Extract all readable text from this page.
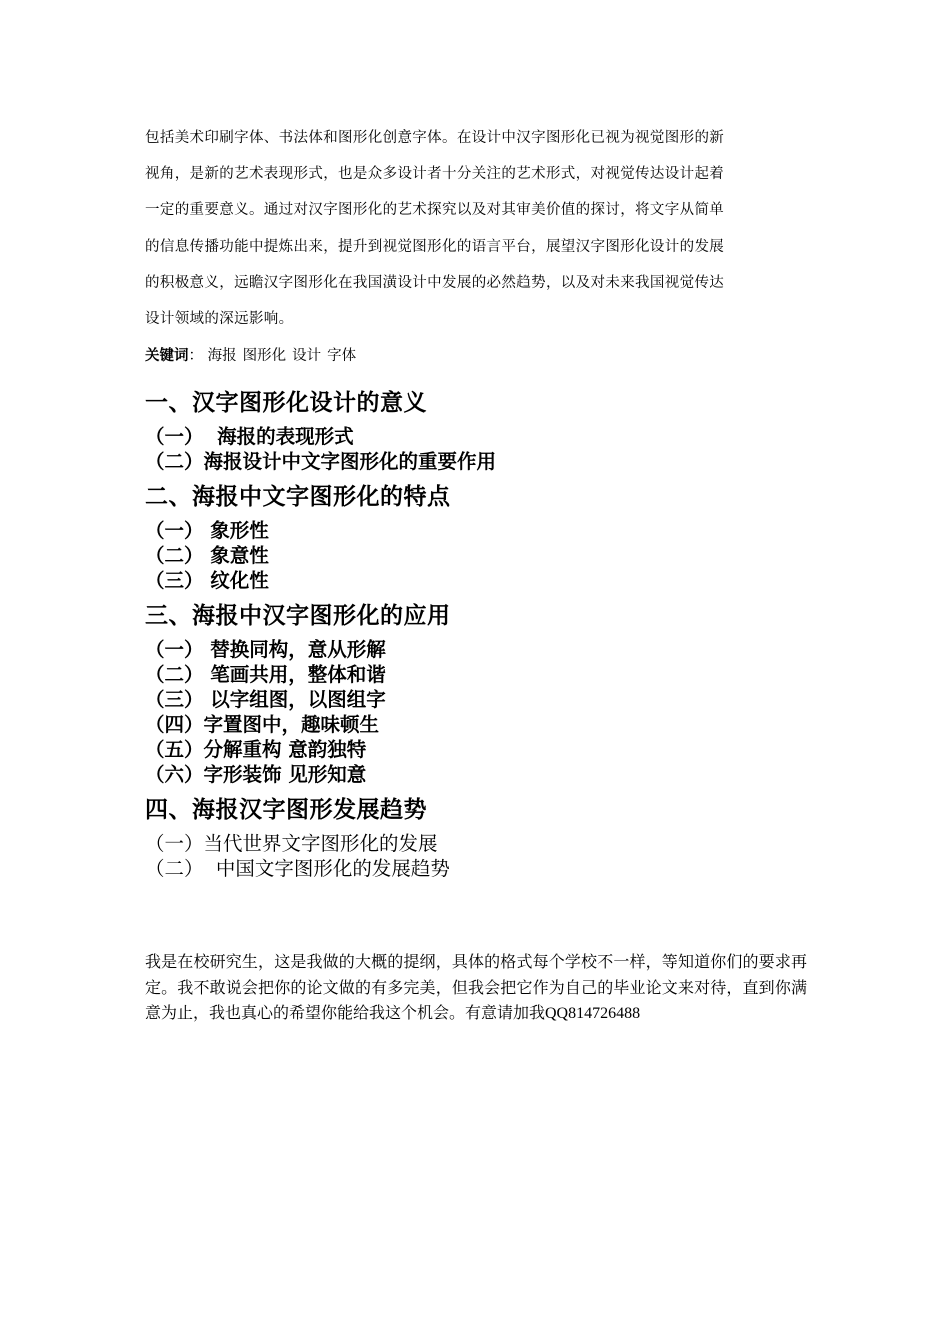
包括美术印刷字体、书法体和图形化创意字体。在设计中汉字图形化已视为视觉图形的新
视角，是新的艺术表现形式，也是众多设计者十分关注的艺术形式，对视觉传达设计起着
一定的重要意义。通过对汉字图形化的艺术探究以及对其审美价值的探讨，将文字从简单
的信息传播功能中提炼出来，提升到视觉图形化的语言平台，展望汉字图形化设计的发展
的积极意义，远瞻汉字图形化在我国潢设计中发展的必然趋势，以及对未来我国视觉传达
设计领域的深远影响。

关键词： 海报 图形化 设计 字体
一、汉字图形化设计的意义
（一）  海报的表现形式
（二）海报设计中文字图形化的重要作用
二、海报中文字图形化的特点
（一） 象形性
（二） 象意性
（三） 纹化性
三、海报中汉字图形化的应用
（一） 替换同构，意从形解
（二） 笔画共用，整体和谐
（三） 以字组图，以图组字
（四）字置图中，趣味顿生
（五）分解重构 意韵独特
（六）字形装饰 见形知意
四、海报汉字图形发展趋势
（一）当代世界文字图形化的发展
（二）  中国文字图形化的发展趋势

我是在校研究生，这是我做的大概的提纲，具体的格式每个学校不一样，等知道你们的要求再定。我不敢说会把你的论文做的有多完美，但我会把它作为自己的毕业论文来对待，直到你满意为止，我也真心的希望你能给我这个机会。有意请加我QQ814726488
